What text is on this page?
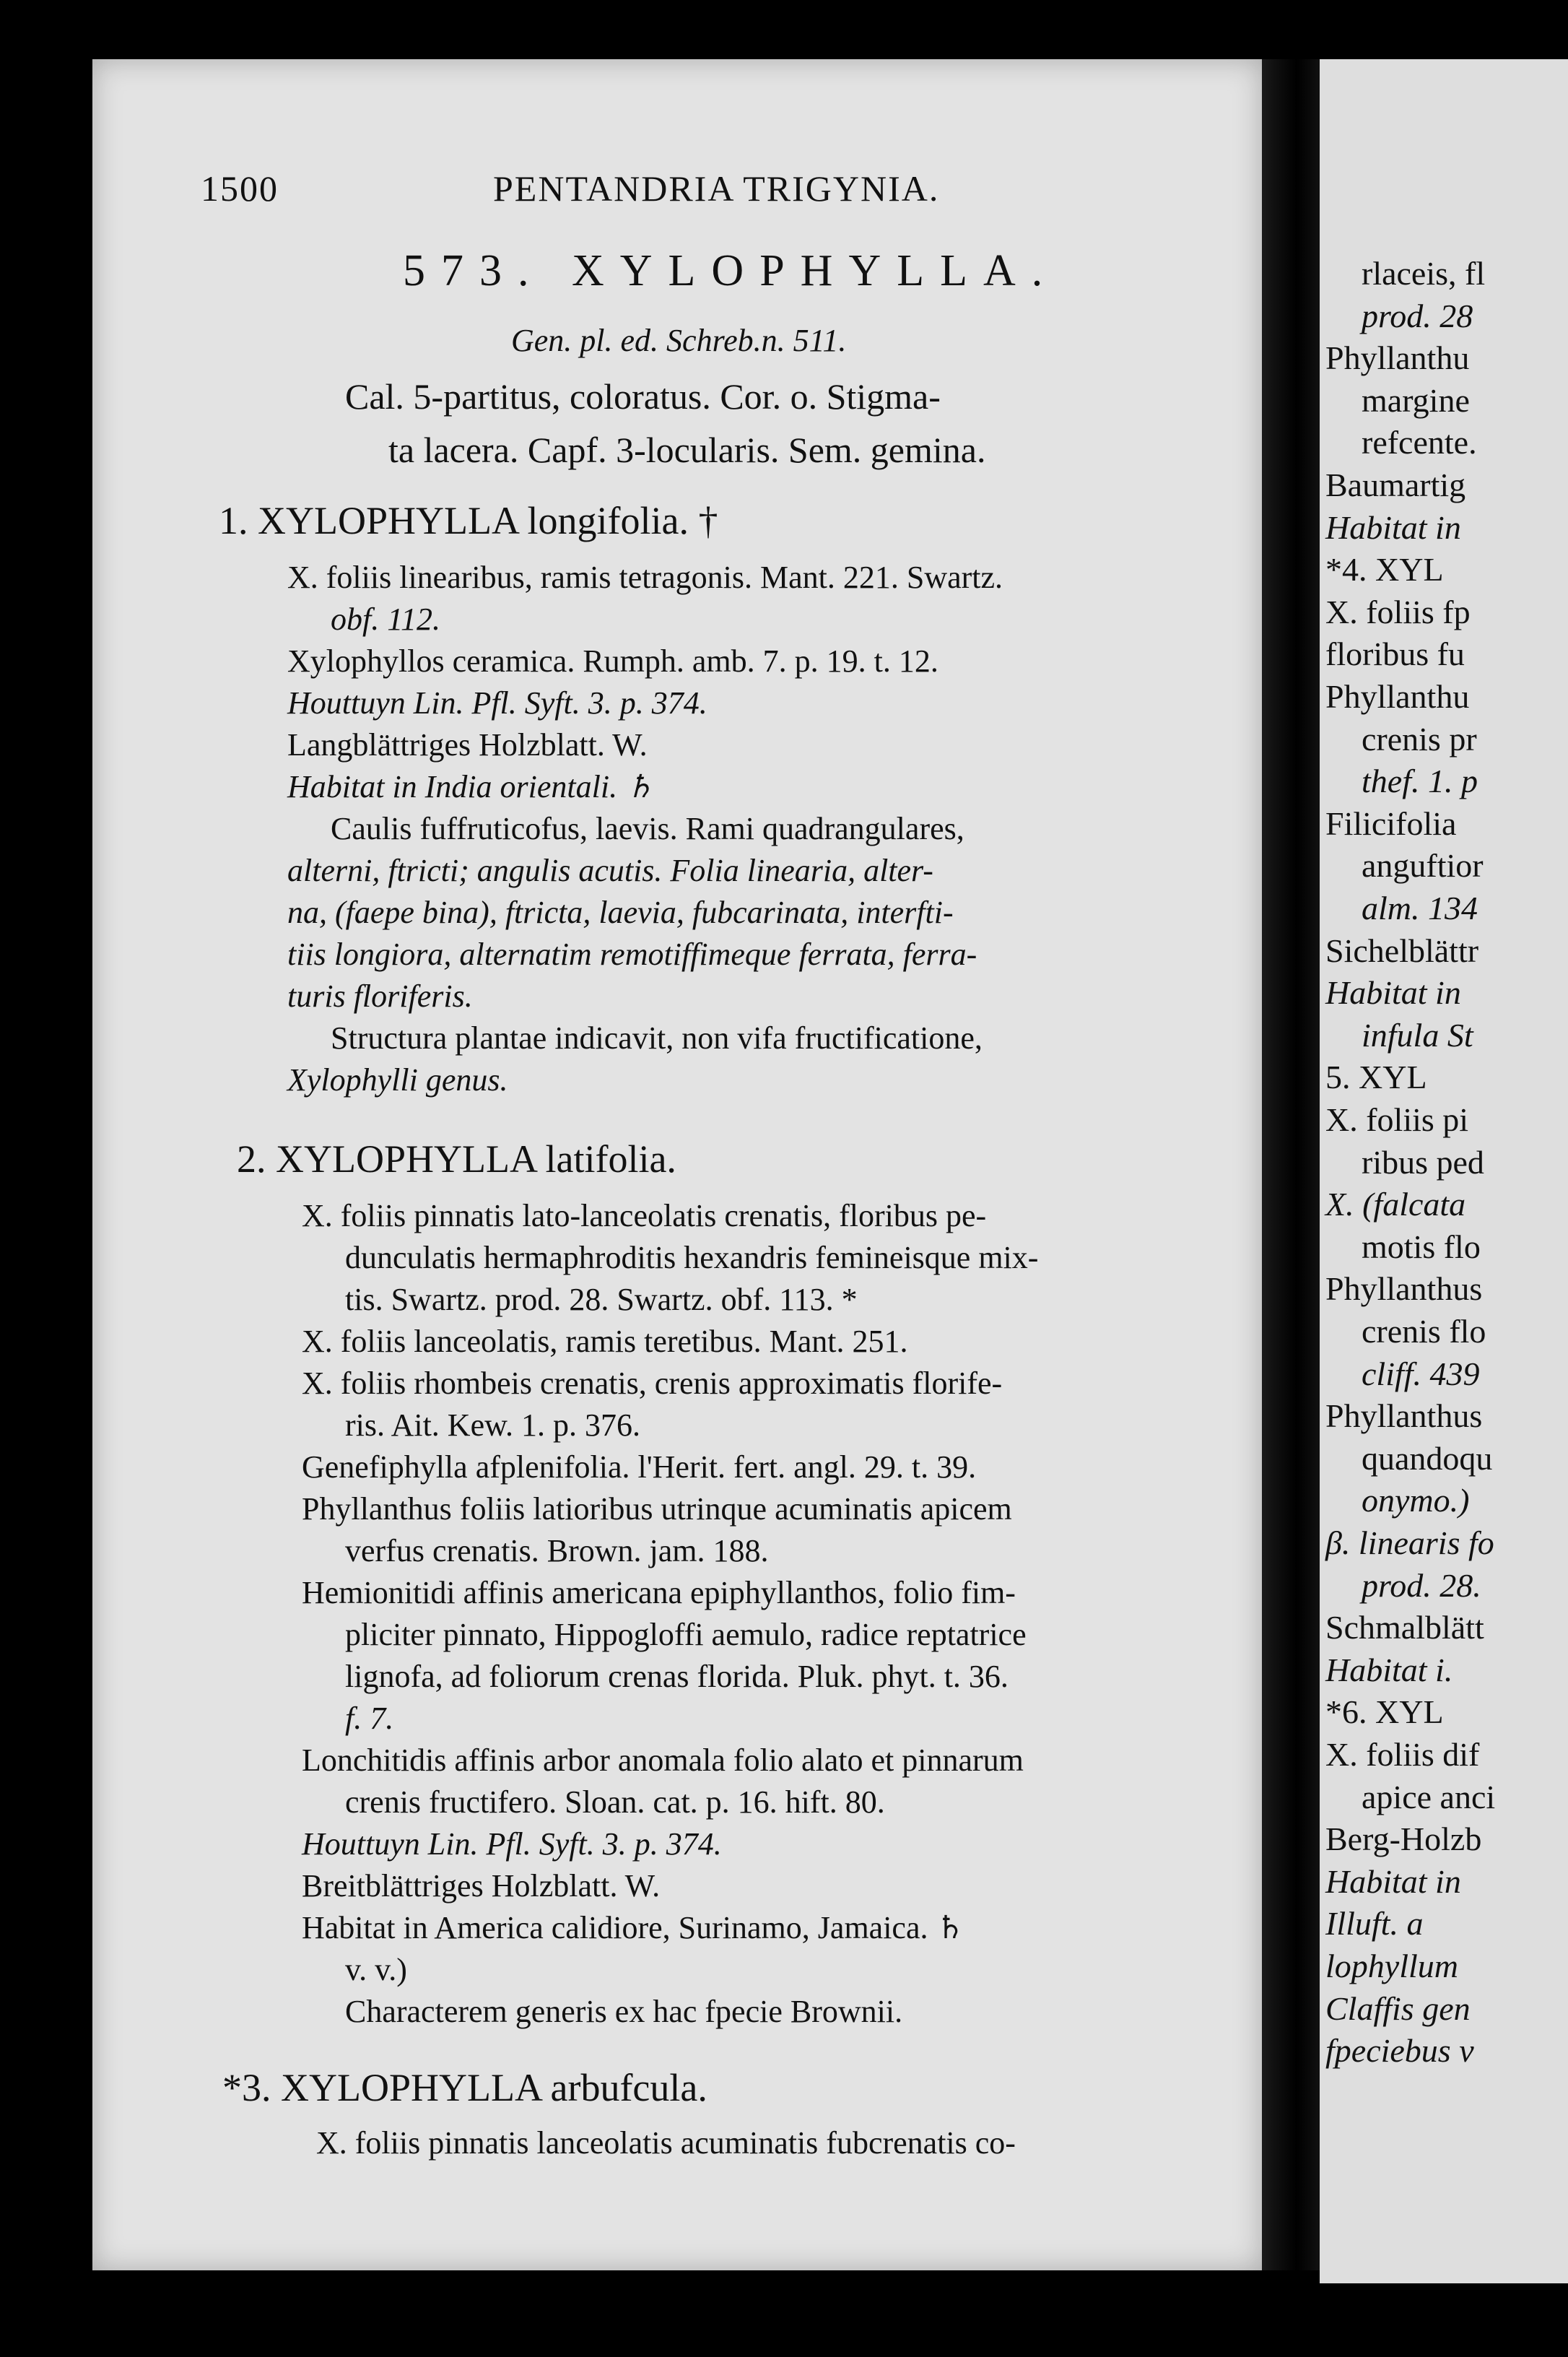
1500	PENTANDRIA TRIGYNIA.
573. XYLOPHYLLA.
Gen. pl. ed. Schreb.n. 511.
Cal. 5-partitus, coloratus. Cor. o. Stigma-
ta lacera. Capf. 3-locularis. Sem. gemina.
1. XYLOPHYLLA longifolia. †
X. foliis linearibus, ramis tetragonis. Mant. 221. Swartz.
obf. 112.
Xylophyllos ceramica. Rumph. amb. 7. p. 19. t. 12.
Houttuyn Lin. Pfl. Syft. 3. p. 374.
Langblättriges Holzblatt. W.
Habitat in India orientali. ♄
Caulis fuffruticofus, laevis. Rami quadrangulares,
alterni, ftricti; angulis acutis. Folia linearia, alter-
na, (faepe bina), ftricta, laevia, fubcarinata, interfti-
tiis longiora, alternatim remotiffimeque ferrata, ferra-
turis floriferis.
Structura plantae indicavit, non vifa fructificatione,
Xylophylli genus.
2. XYLOPHYLLA latifolia.
X. foliis pinnatis lato-lanceolatis crenatis, floribus pe-
dunculatis hermaphroditis hexandris femineisque mix-
tis. Swartz. prod. 28. Swartz. obf. 113. *
X. foliis lanceolatis, ramis teretibus. Mant. 251.
X. foliis rhombeis crenatis, crenis approximatis florife-
ris. Ait. Kew. 1. p. 376.
Genefiphylla afplenifolia. l'Herit. fert. angl. 29. t. 39.
Phyllanthus foliis latioribus utrinque acuminatis apicem
verfus crenatis. Brown. jam. 188.
Hemionitidi affinis americana epiphyllanthos, folio fim-
pliciter pinnato, Hippogloffi aemulo, radice reptatrice
lignofa, ad foliorum crenas florida. Pluk. phyt. t. 36.
f. 7.
Lonchitidis affinis arbor anomala folio alato et pinnarum
crenis fructifero. Sloan. cat. p. 16. hift. 80.
Houttuyn Lin. Pfl. Syft. 3. p. 374.
Breitblättriges Holzblatt. W.
Habitat in America calidiore, Surinamo, Jamaica. ♄
v. v.)
Characterem generis ex hac fpecie Brownii.
*3. XYLOPHYLLA arbufcula.
X. foliis pinnatis lanceolatis acuminatis fubcrenatis co-
rlaceis, fl
prod. 28
Phyllanthu
margine
refcente.
Baumartig
Habitat in
*4. XYL
X. foliis fp
floribus fu
Phyllanthu
crenis pr
thef. 1. p
Filicifolia
anguftior
alm. 134
Sichelblättr
Habitat in
infula St
5. XYL
X. foliis pi
ribus ped
X. (falcata
motis flo
Phyllanthus
crenis flo
cliff. 439
Phyllanthus
quandoqu
onymo.)
β. linearis fo
prod. 28.
Schmalblätt
Habitat i.
*6. XYL
X. foliis dif
apice anci
Berg-Holzb
Habitat in
Illuft. a
lophyllum
Claffis gen
fpeciebus v
